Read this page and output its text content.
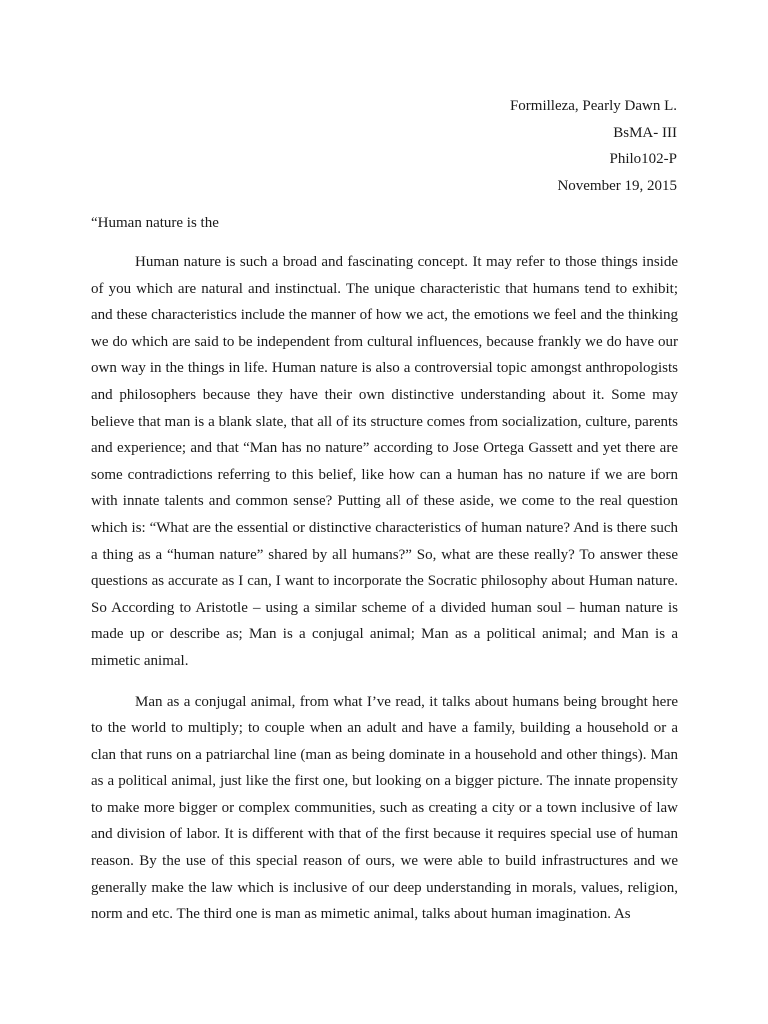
Formilleza, Pearly Dawn L.
BsMA- III
Philo102-P
November 19, 2015
“Human nature is the

Human nature is such a broad and fascinating concept. It may refer to those things inside of you which are natural and instinctual. The unique characteristic that humans tend to exhibit; and these characteristics include the manner of how we act, the emotions we feel and the thinking we do which are said to be independent from cultural influences, because frankly we do have our own way in the things in life. Human nature is also a controversial topic amongst anthropologists and philosophers because they have their own distinctive understanding about it. Some may believe that man is a blank slate, that all of its structure comes from socialization, culture, parents and experience; and that “Man has no nature” according to Jose Ortega Gassett and yet there are some contradictions referring to this belief, like how can a human has no nature if we are born with innate talents and common sense? Putting all of these aside, we come to the real question which is: “What are the essential or distinctive characteristics of human nature? And is there such a thing as a “human nature” shared by all humans?” So, what are these really? To answer these questions as accurate as I can, I want to incorporate the Socratic philosophy about Human nature. So According to Aristotle – using a similar scheme of a divided human soul – human nature is made up or describe as; Man is a conjugal animal; Man as a political animal; and Man is a mimetic animal.

Man as a conjugal animal, from what I’ve read, it talks about humans being brought here to the world to multiply; to couple when an adult and have a family, building a household or a clan that runs on a patriarchal line (man as being dominate in a household and other things). Man as a political animal, just like the first one, but looking on a bigger picture. The innate propensity to make more bigger or complex communities, such as creating a city or a town inclusive of law and division of labor. It is different with that of the first because it requires special use of human reason. By the use of this special reason of ours, we were able to build infrastructures and we generally make the law which is inclusive of our deep understanding in morals, values, religion, norm and etc. The third one is man as mimetic animal, talks about human imagination. As
